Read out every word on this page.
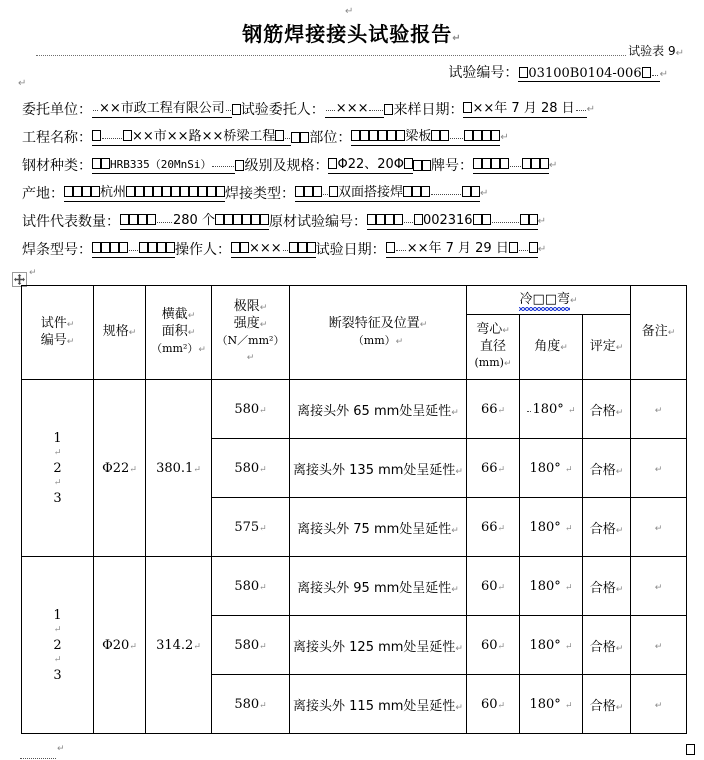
↵
钢筋焊接接头试验报告↵
试验表 9 ↵
试验编号： 03100B0104-006 ↵
↵
委托单位： ××市政工程有限公司	试验委托人： ×××	来样日期： ××年 7 月 28 日	↵
工程名称：	××市××路××桥梁工程	部位：	梁板	↵
钢材种类：	HRB335（20MnSi）	级别及规格： Φ22、20Φ	牌号：	↵
产地：	杭州	焊接类型：	双面搭接焊	↵
试件代表数量：	280 个	原材试验编号：	002316	↵
焊条型号：	操作人：	×××	试验日期：	××年 7 月 29 日	↵
↵
试件↵
编号↵	规格↵	横截↵
面积↵
（mm²）↵	极限↵
强度↵
（N／mm²）↵	断裂特征及位置↵
（mm）↵	冷□□弯
↵			备注↵
					弯心↵
直径
(mm)↵	角度↵	评定↵	

1
↵
2
↵
3	Φ22↵	380.1↵	580↵	离接头外 65 mm处呈延性↵	66↵	180° ↵	合格↵	↵
			580↵	离接头外 135 mm处呈延性↵	66↵	180° ↵	合格↵	↵
			575↵	离接头外 75 mm处呈延性↵	66↵	180° ↵	合格↵	↵

1
↵
2
↵
3	Φ20↵	314.2↵	580↵	离接头外 95 mm处呈延性↵	60↵	180° ↵	合格↵	↵
			580↵	离接头外 125 mm处呈延性↵	60↵	180° ↵	合格↵	↵
			580↵	离接头外 115 mm处呈延性↵	60↵	180° ↵	合格↵	↵
↵
